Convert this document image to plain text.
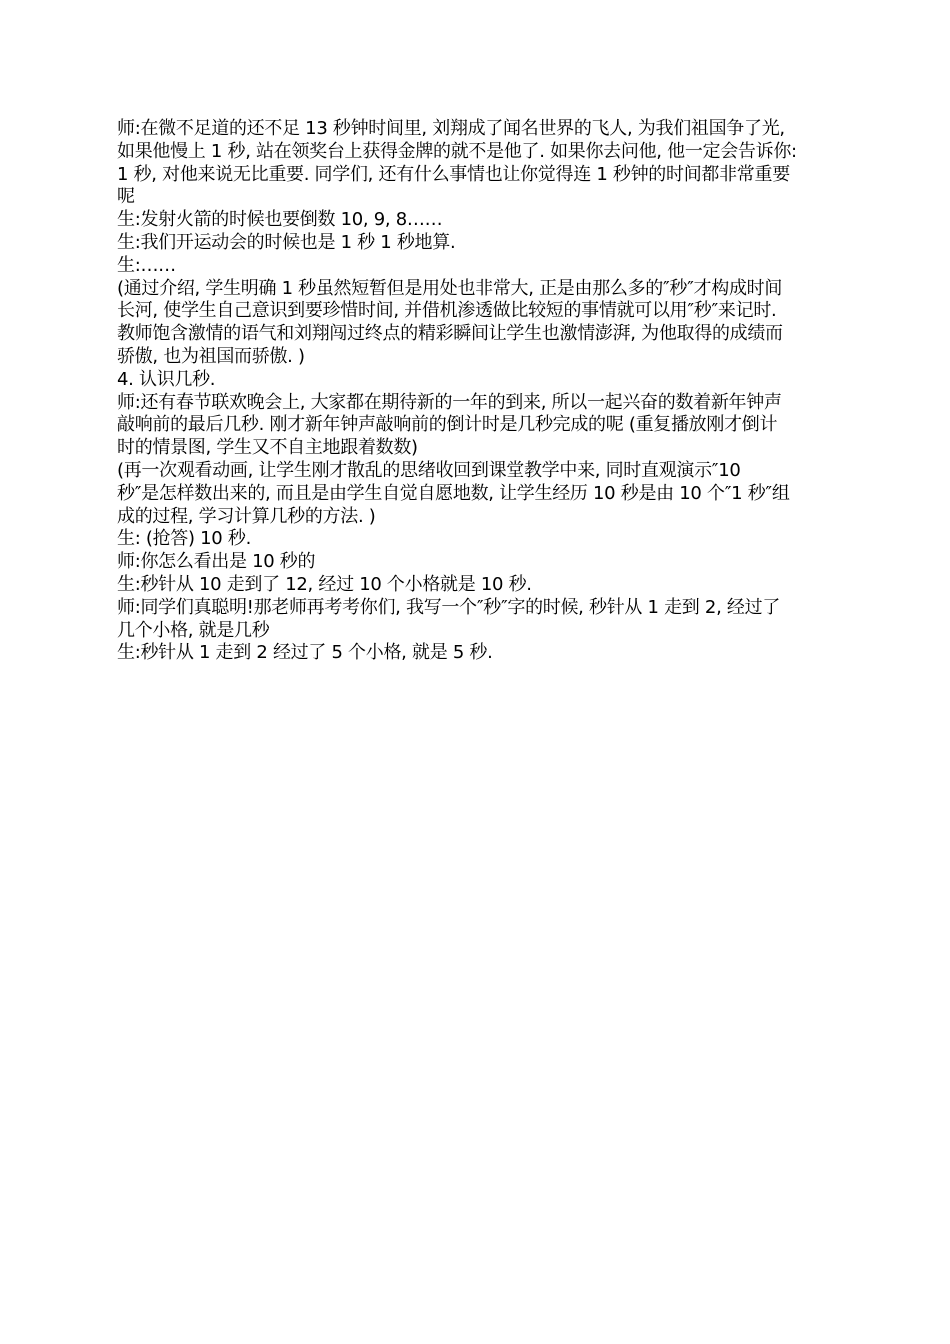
师:在微不足道的还不足 13 秒钟时间里, 刘翔成了闻名世界的飞人, 为我们祖国争了光,
如果他慢上 1 秒, 站在领奖台上获得金牌的就不是他了. 如果你去问他, 他一定会告诉你:
1 秒, 对他来说无比重要. 同学们, 还有什么事情也让你觉得连 1 秒钟的时间都非常重要
呢
生:发射火箭的时候也要倒数 10, 9, 8……
生:我们开运动会的时候也是 1 秒 1 秒地算.
生:……
(通过介绍, 学生明确 1 秒虽然短暂但是用处也非常大, 正是由那么多的″秒″才构成时间
长河, 使学生自己意识到要珍惜时间, 并借机渗透做比较短的事情就可以用″秒″来记时.
教师饱含激情的语气和刘翔闯过终点的精彩瞬间让学生也激情澎湃, 为他取得的成绩而
骄傲, 也为祖国而骄傲. )
4. 认识几秒.
师:还有春节联欢晚会上, 大家都在期待新的一年的到来, 所以一起兴奋的数着新年钟声
敲响前的最后几秒. 刚才新年钟声敲响前的倒计时是几秒完成的呢 (重复播放刚才倒计
时的情景图, 学生又不自主地跟着数数)
(再一次观看动画, 让学生刚才散乱的思绪收回到课堂教学中来, 同时直观演示″10
秒″是怎样数出来的, 而且是由学生自觉自愿地数, 让学生经历 10 秒是由 10 个″1 秒″组
成的过程, 学习计算几秒的方法. )
生: (抢答) 10 秒.
师:你怎么看出是 10 秒的
生:秒针从 10 走到了 12, 经过 10 个小格就是 10 秒.
师:同学们真聪明!那老师再考考你们, 我写一个″秒″字的时候, 秒针从 1 走到 2, 经过了
几个小格, 就是几秒
生:秒针从 1 走到 2 经过了 5 个小格, 就是 5 秒.
